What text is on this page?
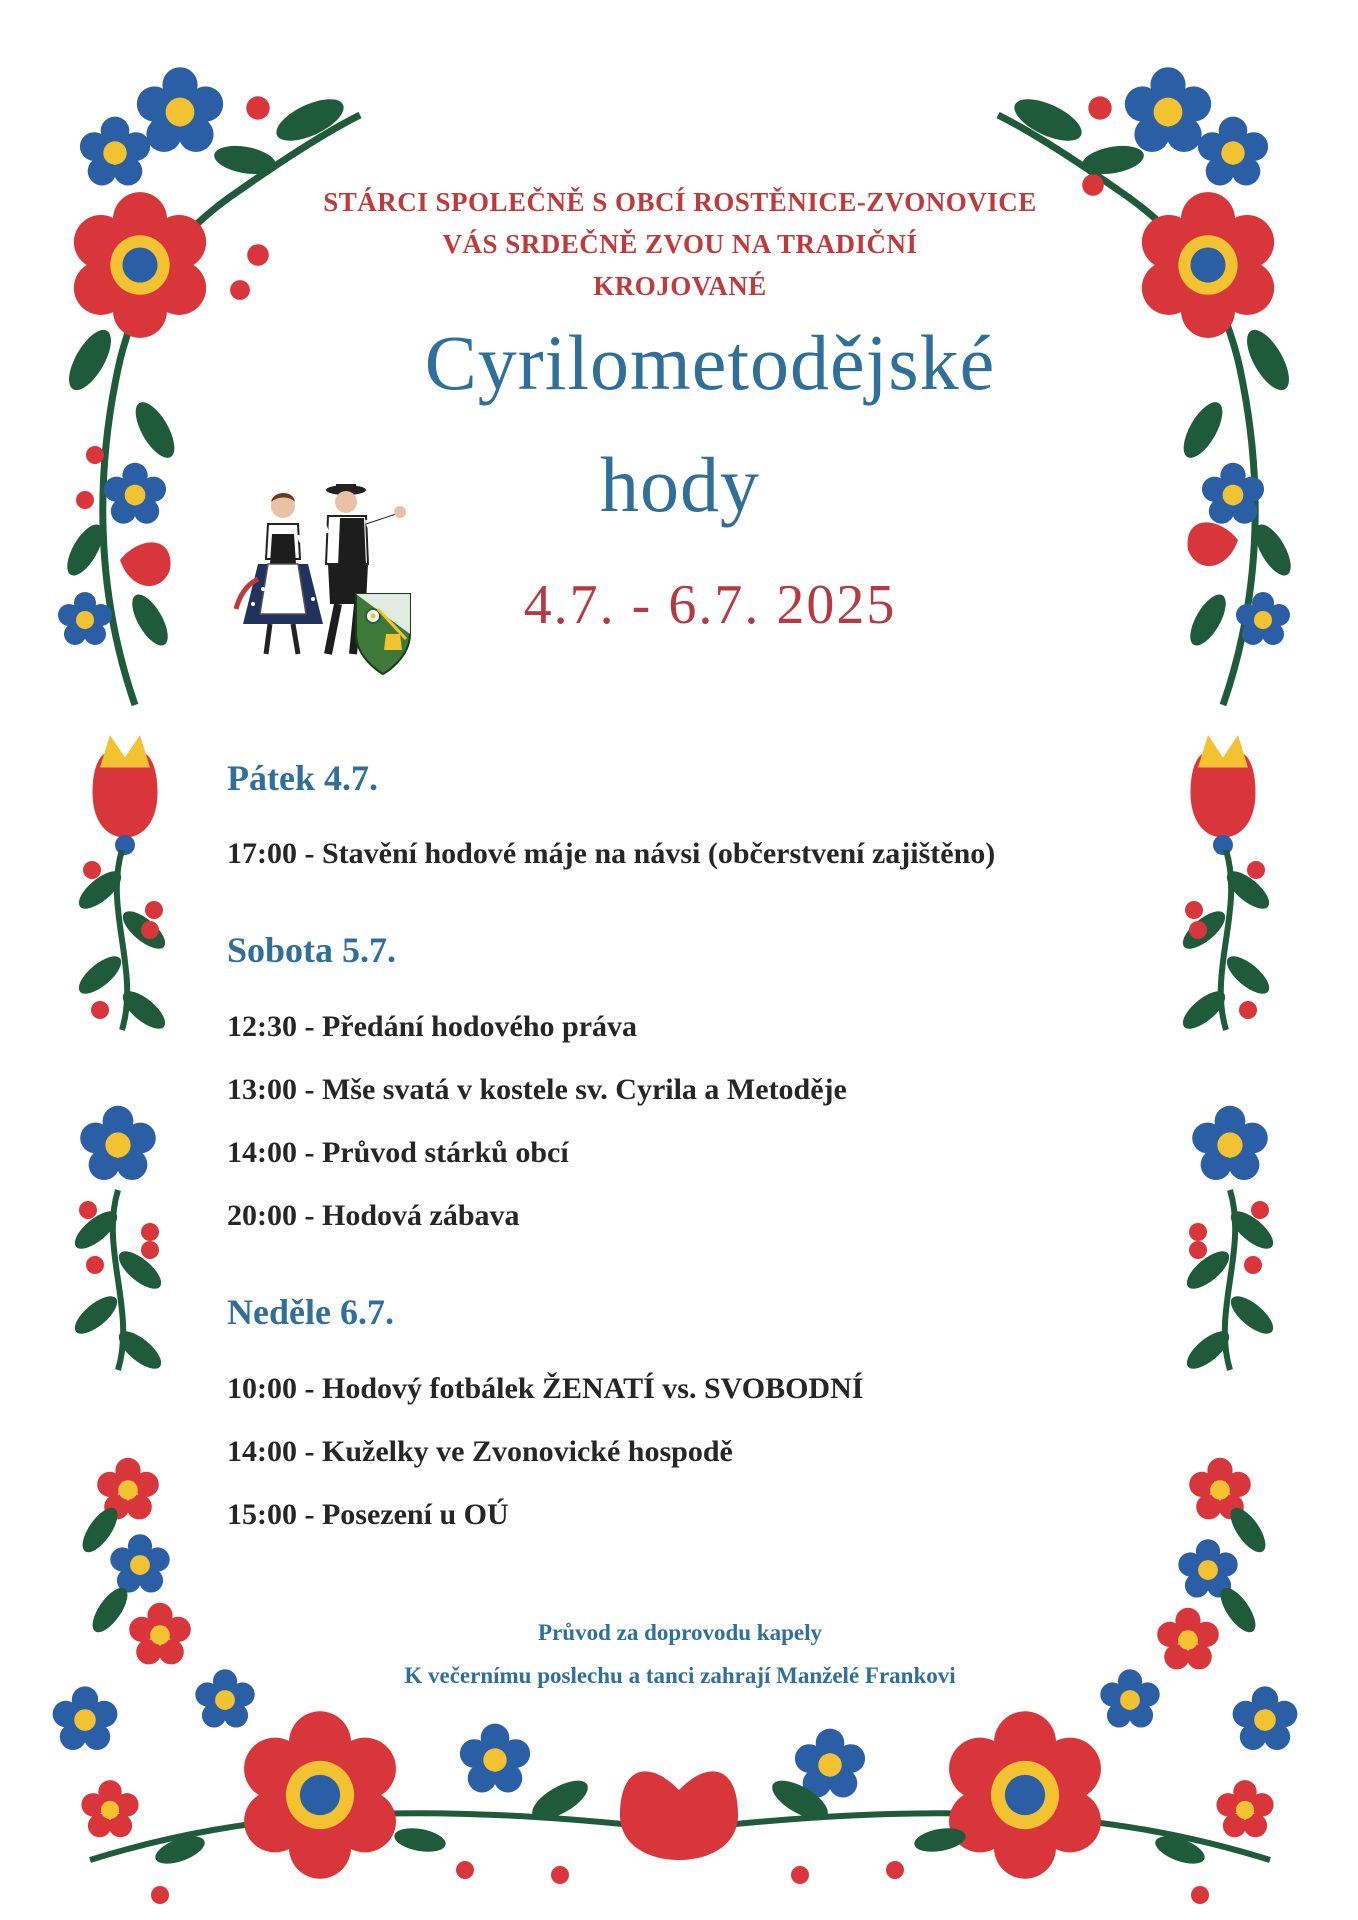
STÁRCI SPOLEČNĚ S OBCÍ ROSTĚNICE-ZVONOVICE
VÁS SRDEČNĚ ZVOU NA TRADIČNÍ
KROJOVANÉ
Cyrilometodějské
hody
4.7. - 6.7. 2025
Pátek 4.7.
17:00 - Stavění hodové máje na návsi (občerstvení zajištěno)
Sobota 5.7.
12:30 - Předání hodového práva
13:00 - Mše svatá v kostele sv. Cyrila a Metoděje
14:00 - Průvod stárků obcí
20:00 - Hodová zábava
Neděle 6.7.
10:00 - Hodový fotbálek ŽENATÍ vs. SVOBODNÍ
14:00 - Kuželky ve Zvonovické hospodě
15:00 - Posezení u OÚ
Průvod za doprovodu kapely
K večernímu poslechu a tanci zahrají Manželé Frankovi
